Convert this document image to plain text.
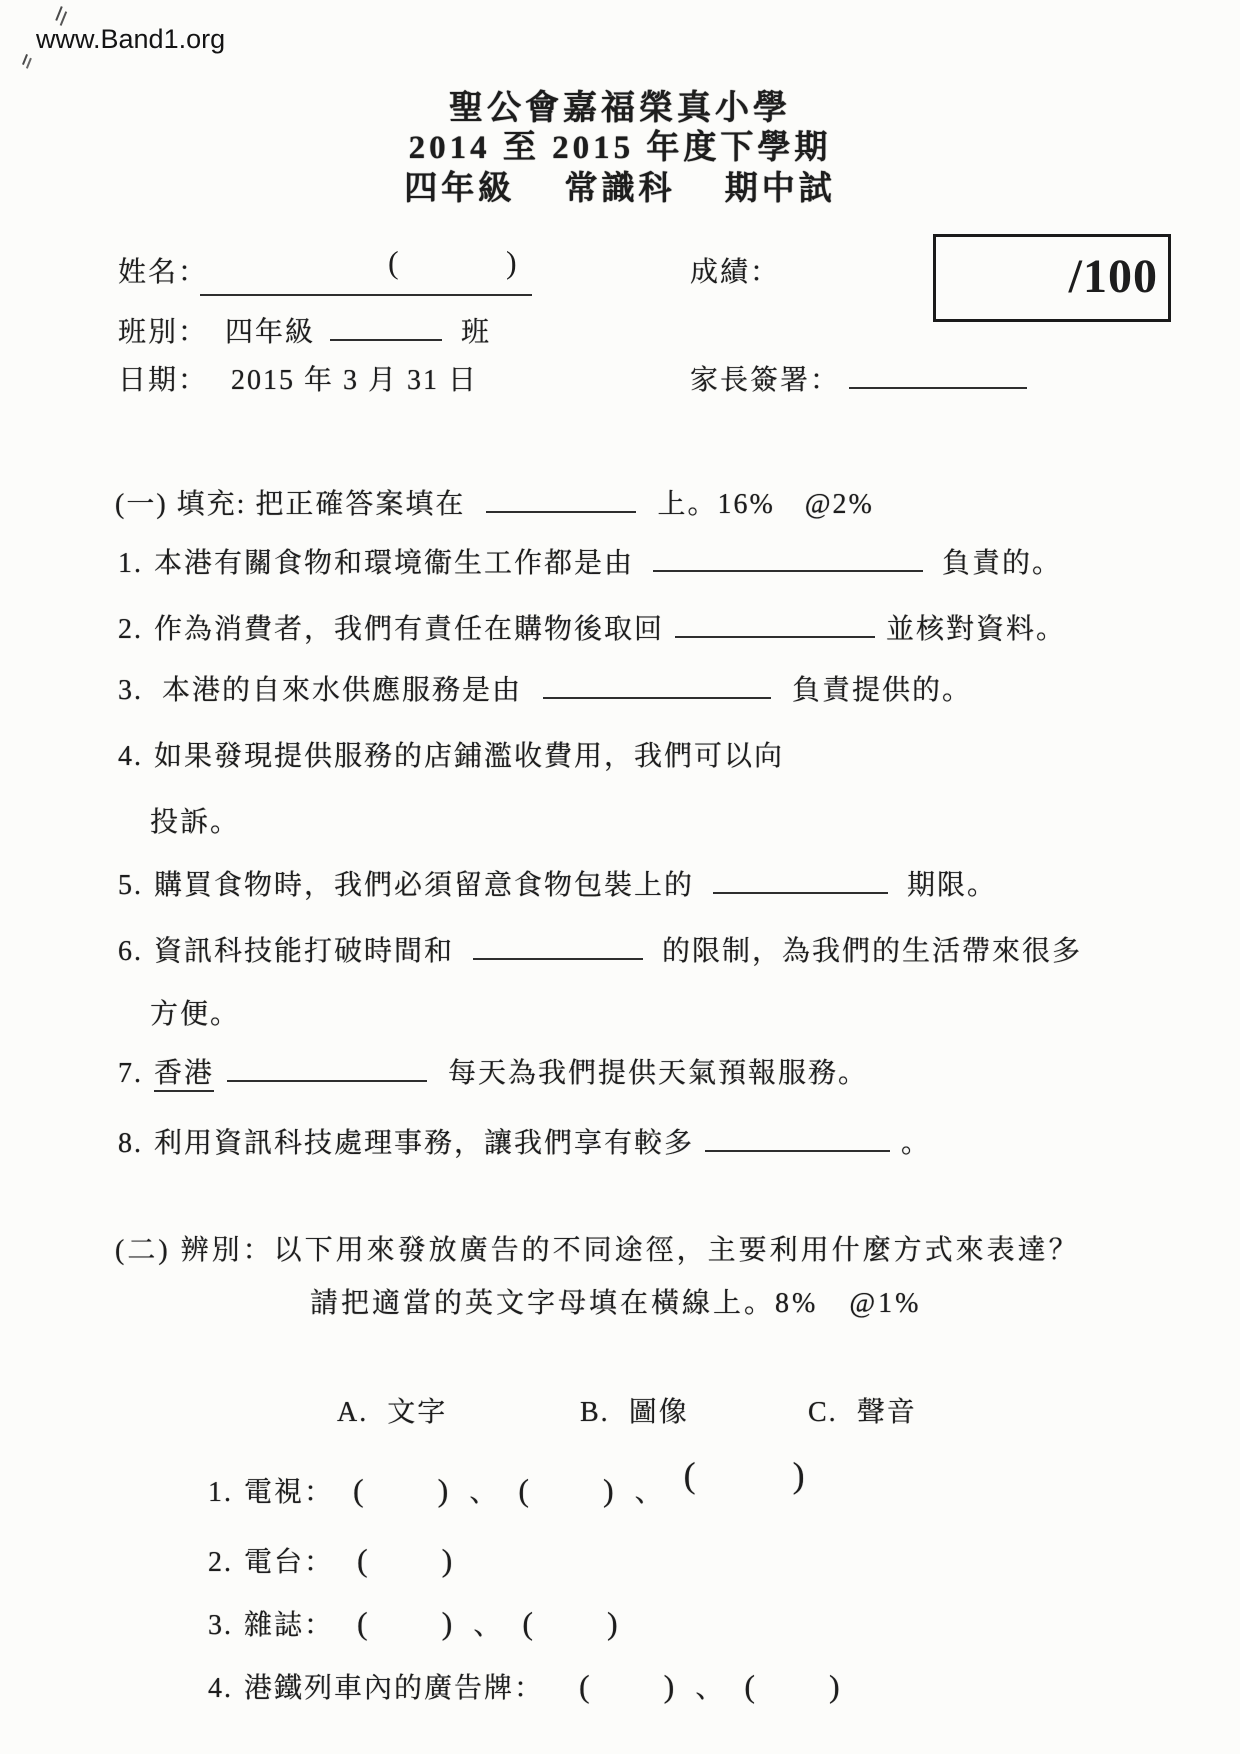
www.Band1.org
聖公會嘉福榮真小學
2014 至 2015 年度下學期
四年級　 常識科　 期中試
姓名：	(	)	成績：	/100
班別： 四年級	班
日期： 2015 年 3 月 31 日	家長簽署：
(一) 填充: 把正確答案填在	上。16%　@2%
1. 本港有關食物和環境衞生工作都是由	負責的。
2. 作為消費者，我們有責任在購物後取回	並核對資料。
3. 本港的自來水供應服務是由	負責提供的。
4. 如果發現提供服務的店鋪濫收費用，我們可以向
投訴。
5. 購買食物時，我們必須留意食物包裝上的	期限。
6. 資訊科技能打破時間和	的限制，為我們的生活帶來很多
方便。
7. 香港	每天為我們提供天氣預報服務。
8. 利用資訊科技處理事務，讓我們享有較多	。
(二) 辨別：以下用來發放廣告的不同途徑，主要利用什麼方式來表達？
請把適當的英文字母填在橫線上。8%　@1%
A. 文字	B. 圖像	C. 聲音
1. 電視： ( ) 、 ( ) 、 (	)
2. 電台： ( )
3. 雜誌： ( ) 、 ( )
4. 港鐵列車內的廣告牌： ( ) 、 ( )
